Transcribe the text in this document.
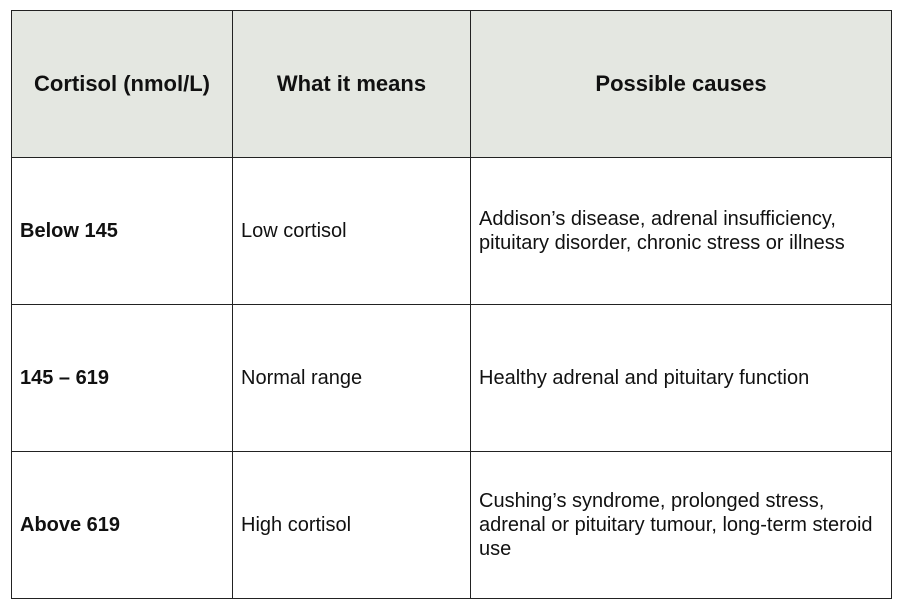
Cortisol (nmol/L)	What it means	Possible causes
Below 145	Low cortisol	Addison’s disease, adrenal insufficiency, pituitary disorder, chronic stress or illness
145 – 619	Normal range	Healthy adrenal and pituitary function
Above 619	High cortisol	Cushing’s syndrome, prolonged stress, adrenal or pituitary tumour, long-term steroid use
